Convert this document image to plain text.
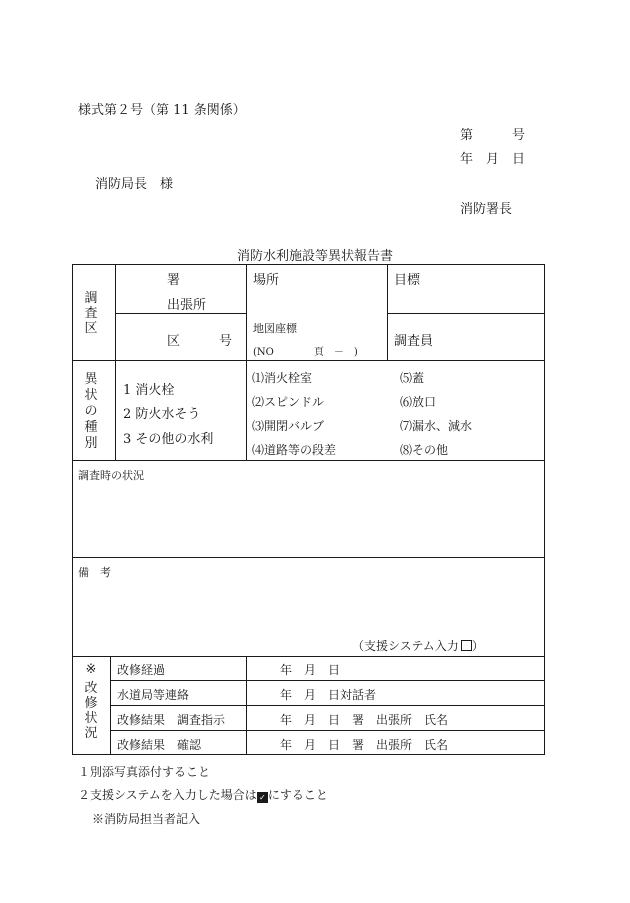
様式第２号（第 11 条関係）
第　　　号
年　月　日
消防局長　様
消防署長
消防水利施設等異状報告書
調
査
区
署
出張所
区　　　号
場所
地図座標
(NO　　　　頁　－　)
目標
調査員
異
状
の
種
別
1 消火栓
2 防火水そう
3 その他の水利
⑴消火栓室
⑵スピンドル
⑶開閉バルブ
⑷道路等の段差
⑸蓋
⑹放口
⑺漏水、減水
⑻その他
調査時の状況
備　考
（支援システム入力 ）
※
改
修
状
況
改修経過
水道局等連絡
改修結果　調査指示
改修結果　確認
年　月　日
年　月　日対話者
年　月　日　署　出張所　氏名
年　月　日　署　出張所　氏名
１別添写真添付すること
２支援システムを入力した場合は ✓ にすること
※消防局担当者記入
